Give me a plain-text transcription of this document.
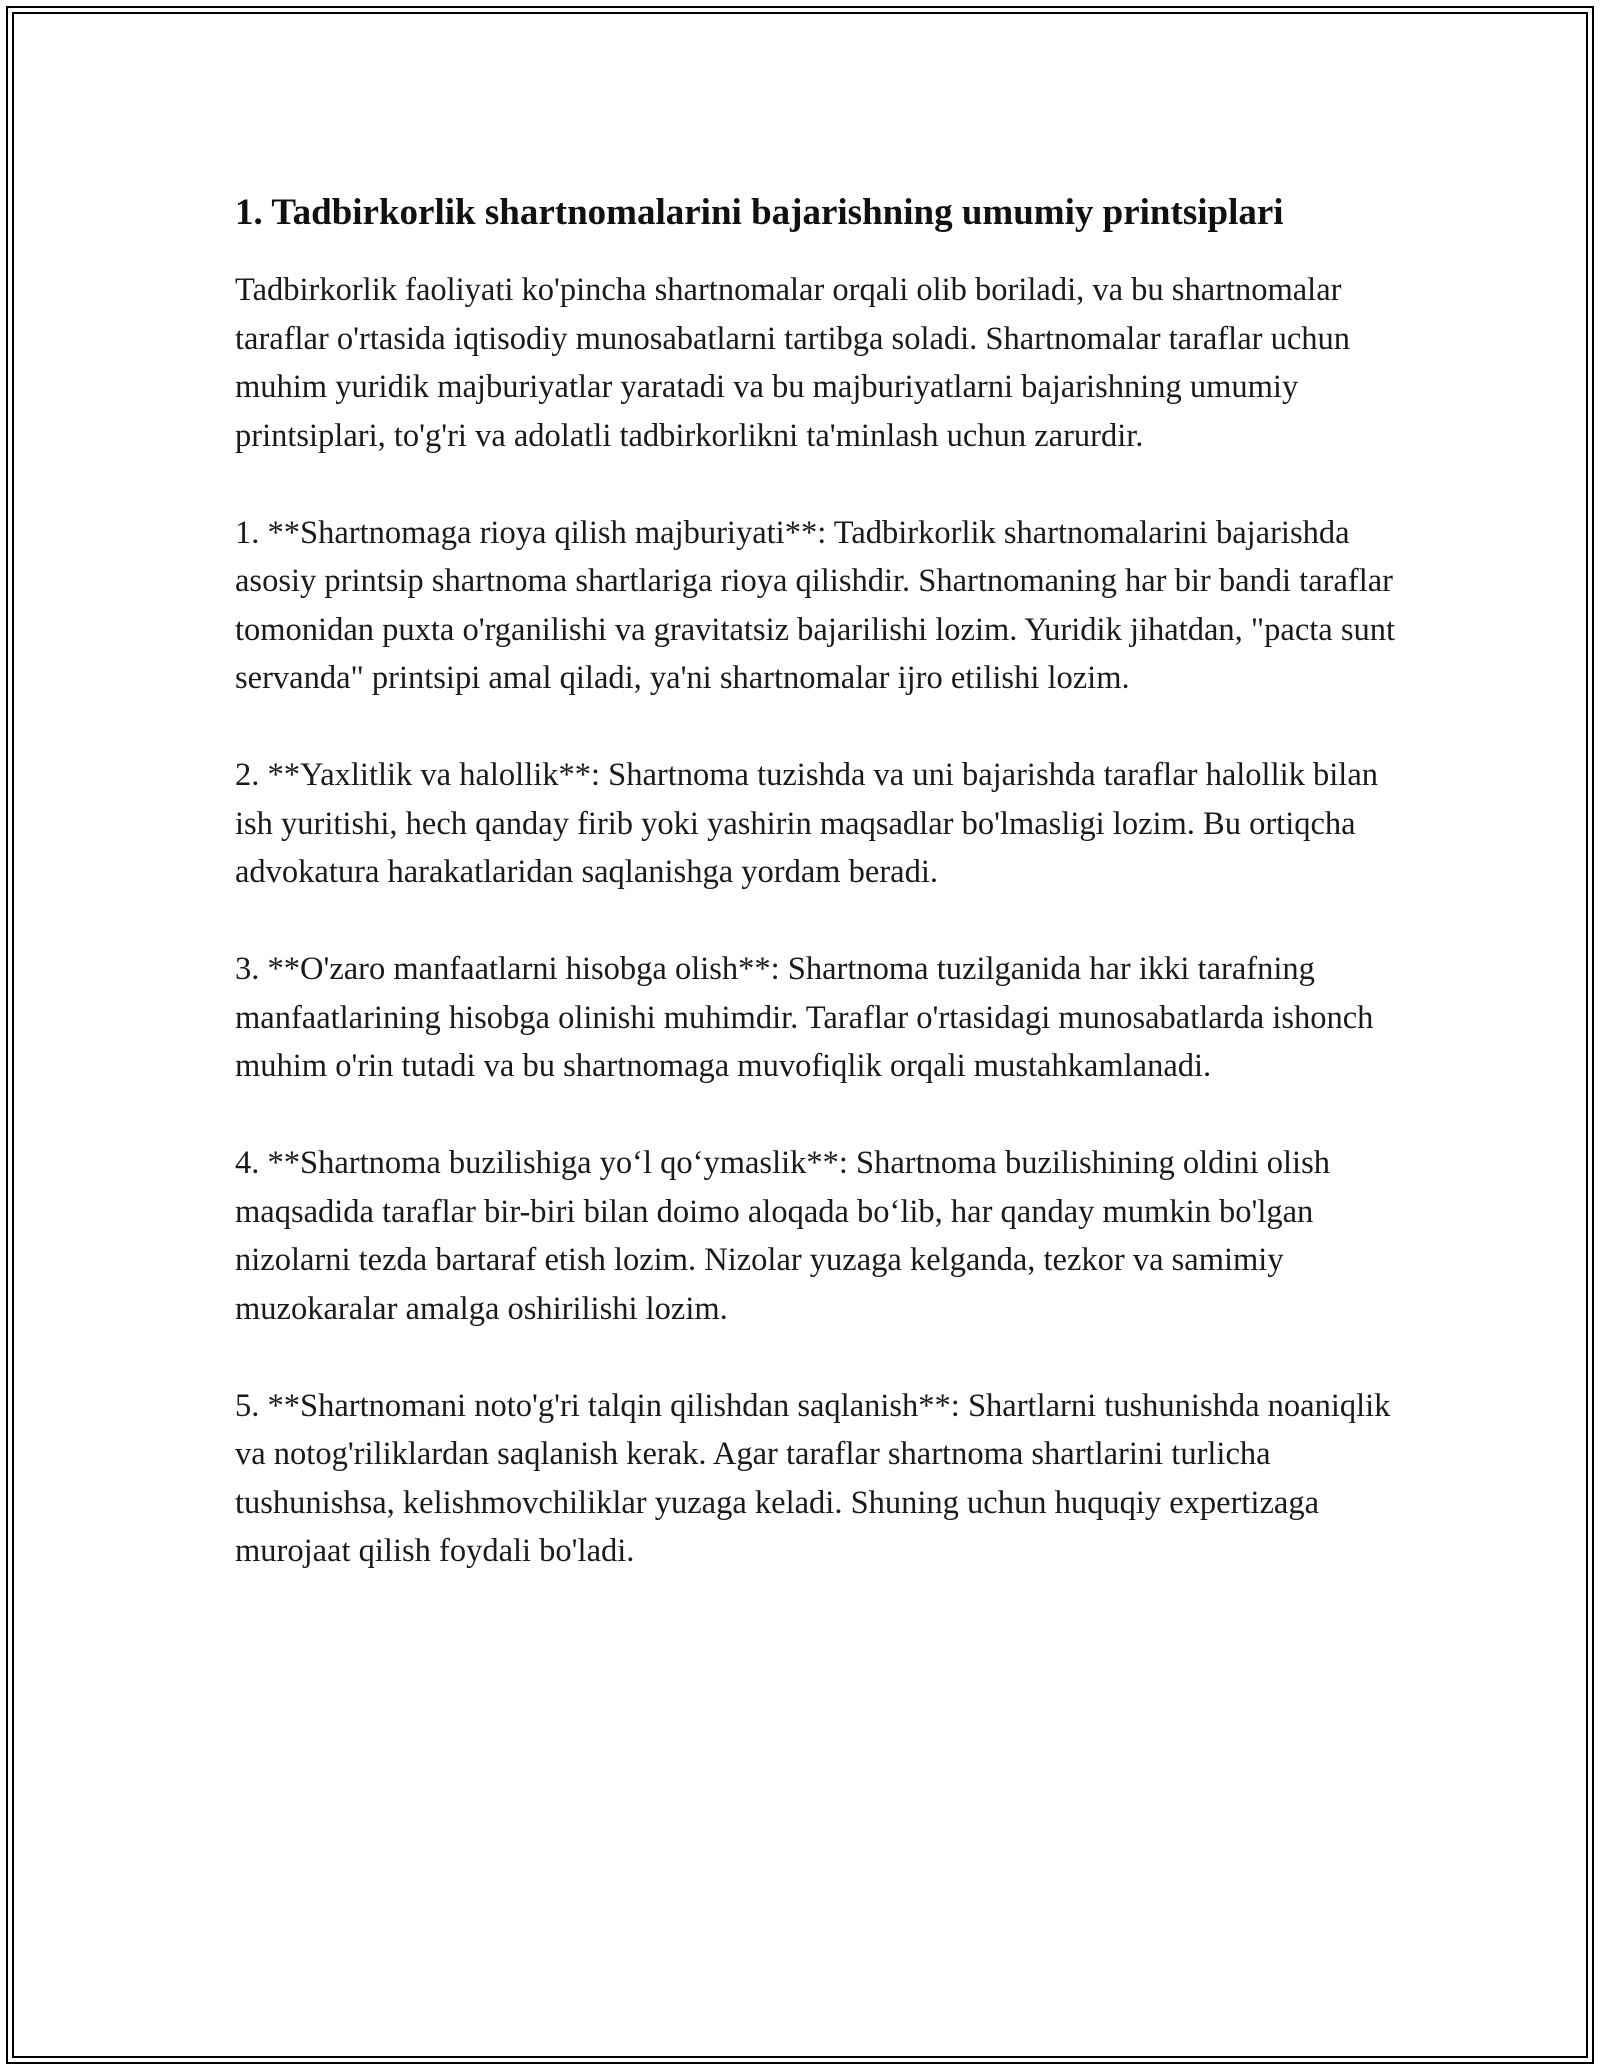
1. Tadbirkorlik shartnomalarini bajarishning umumiy printsiplari

Tadbirkorlik faoliyati ko'pincha shartnomalar orqali olib boriladi, va bu shartnomalar taraflar o'rtasida iqtisodiy munosabatlarni tartibga soladi. Shartnomalar taraflar uchun muhim yuridik majburiyatlar yaratadi va bu majburiyatlarni bajarishning umumiy printsiplari, to'g'ri va adolatli tadbirkorlikni ta'minlash uchun zarurdir.

1. **Shartnomaga rioya qilish majburiyati**: Tadbirkorlik shartnomalarini bajarishda asosiy printsip shartnoma shartlariga rioya qilishdir. Shartnomaning har bir bandi taraflar tomonidan puxta o'rganilishi va gravitatsiz bajarilishi lozim. Yuridik jihatdan, "pacta sunt servanda" printsipi amal qiladi, ya'ni shartnomalar ijro etilishi lozim.

2. **Yaxlitlik va halollik**: Shartnoma tuzishda va uni bajarishda taraflar halollik bilan ish yuritishi, hech qanday firib yoki yashirin maqsadlar bo'lmasligi lozim. Bu ortiqcha advokatura harakatlaridan saqlanishga yordam beradi.

3. **O'zaro manfaatlarni hisobga olish**: Shartnoma tuzilganida har ikki tarafning manfaatlarining hisobga olinishi muhimdir. Taraflar o'rtasidagi munosabatlarda ishonch muhim o'rin tutadi va bu shartnomaga muvofiqlik orqali mustahkamlanadi.

4. **Shartnoma buzilishiga yo‘l qo‘ymaslik**: Shartnoma buzilishining oldini olish maqsadida taraflar bir-biri bilan doimo aloqada bo‘lib, har qanday mumkin bo'lgan nizolarni tezda bartaraf etish lozim. Nizolar yuzaga kelganda, tezkor va samimiy muzokaralar amalga oshirilishi lozim.

5. **Shartnomani noto'g'ri talqin qilishdan saqlanish**: Shartlarni tushunishda noaniqlik va notog'riliklardan saqlanish kerak. Agar taraflar shartnoma shartlarini turlicha tushunishsa, kelishmovchiliklar yuzaga keladi. Shuning uchun huquqiy expertizaga murojaat qilish foydali bo'ladi.
